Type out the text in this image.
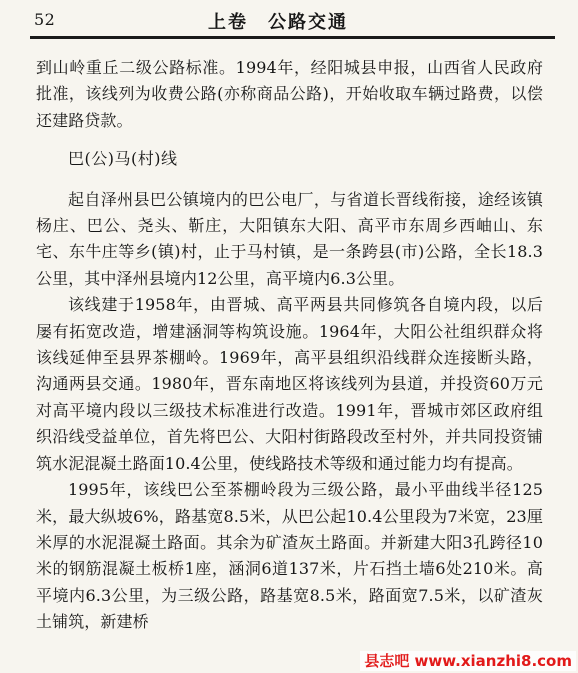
52	上卷　公路交通

到山岭重丘二级公路标准。1994年，经阳城县申报，山西省人民政府批准，该线列为收费公路(亦称商品公路)，开始收取车辆过路费，以偿还建路贷款。

巴(公)马(村)线

起自泽州县巴公镇境内的巴公电厂，与省道长晋线衔接，途经该镇杨庄、巴公、尧头、靳庄，大阳镇东大阳、高平市东周乡西岫山、东宅、东牛庄等乡(镇)村，止于马村镇，是一条跨县(市)公路，全长18.3公里，其中泽州县境内12公里，高平境内6.3公里。

该线建于1958年，由晋城、高平两县共同修筑各自境内段，以后屡有拓宽改造，增建涵洞等构筑设施。1964年，大阳公社组织群众将该线延伸至县界茶棚岭。1969年，高平县组织沿线群众连接断头路，沟通两县交通。1980年，晋东南地区将该线列为县道，并投资60万元对高平境内段以三级技术标准进行改造。1991年，晋城市郊区政府组织沿线受益单位，首先将巴公、大阳村街路段改至村外，并共同投资铺筑水泥混凝土路面10.4公里，使线路技术等级和通过能力均有提高。

1995年，该线巴公至茶棚岭段为三级公路，最小平曲线半径125米，最大纵坡6%，路基宽8.5米，从巴公起10.4公里段为7米宽，23厘米厚的水泥混凝土路面。其余为矿渣灰土路面。并新建大阳3孔跨径10米的钢筋混凝土板桥1座，涵洞6道137米，片石挡土墙6处210米。高平境内6.3公里，为三级公路，路基宽8.5米，路面宽7.5米，以矿渣灰土铺筑，新建桥

县志吧 www.xianzhi8.com
